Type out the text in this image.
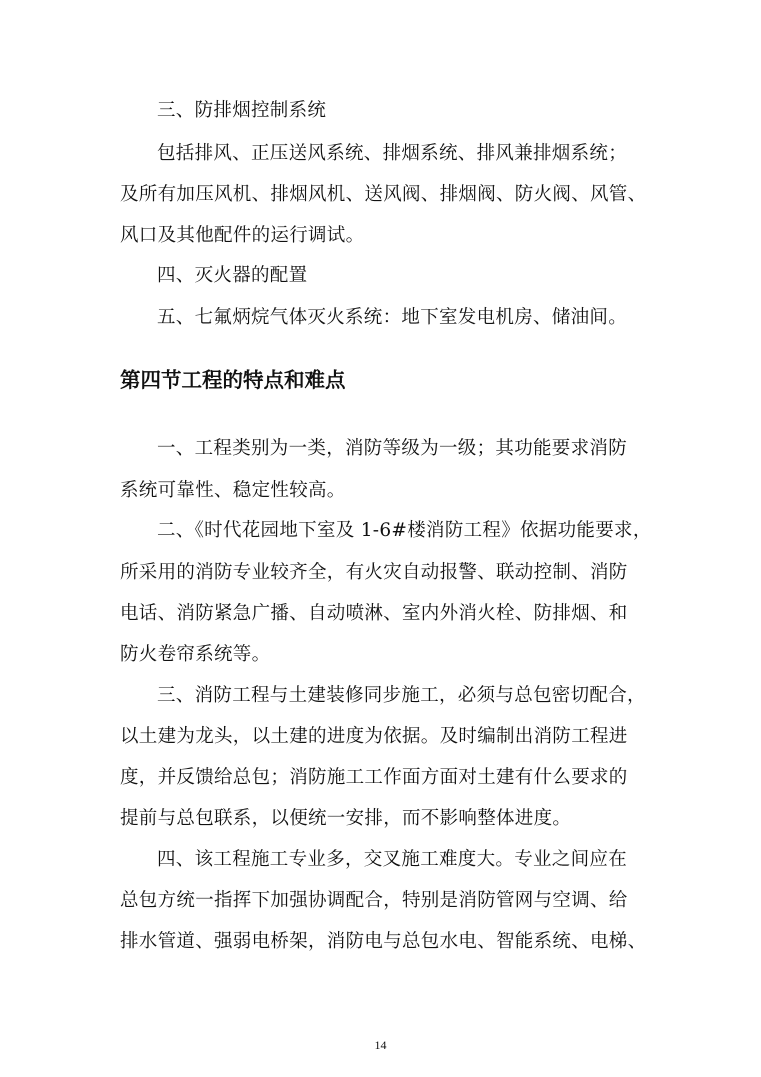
三、防排烟控制系统
包括排风、正压送风系统、排烟系统、排风兼排烟系统；
及所有加压风机、排烟风机、送风阀、排烟阀、防火阀、风管、
风口及其他配件的运行调试。
四、灭火器的配置
五、七氟炳烷气体灭火系统：地下室发电机房、储油间。
第四节工程的特点和难点
一、工程类别为一类，消防等级为一级；其功能要求消防
系统可靠性、稳定性较高。
二、《时代花园地下室及 1-6#楼消防工程》依据功能要求，
所采用的消防专业较齐全，有火灾自动报警、联动控制、消防
电话、消防紧急广播、自动喷淋、室内外消火栓、防排烟、和
防火卷帘系统等。
三、消防工程与土建装修同步施工，必须与总包密切配合，
以土建为龙头，以土建的进度为依据。及时编制出消防工程进
度，并反馈给总包；消防施工工作面方面对土建有什么要求的
提前与总包联系，以便统一安排，而不影响整体进度。
四、该工程施工专业多，交叉施工难度大。专业之间应在
总包方统一指挥下加强协调配合，特别是消防管网与空调、给
排水管道、强弱电桥架，消防电与总包水电、智能系统、电梯、
14
